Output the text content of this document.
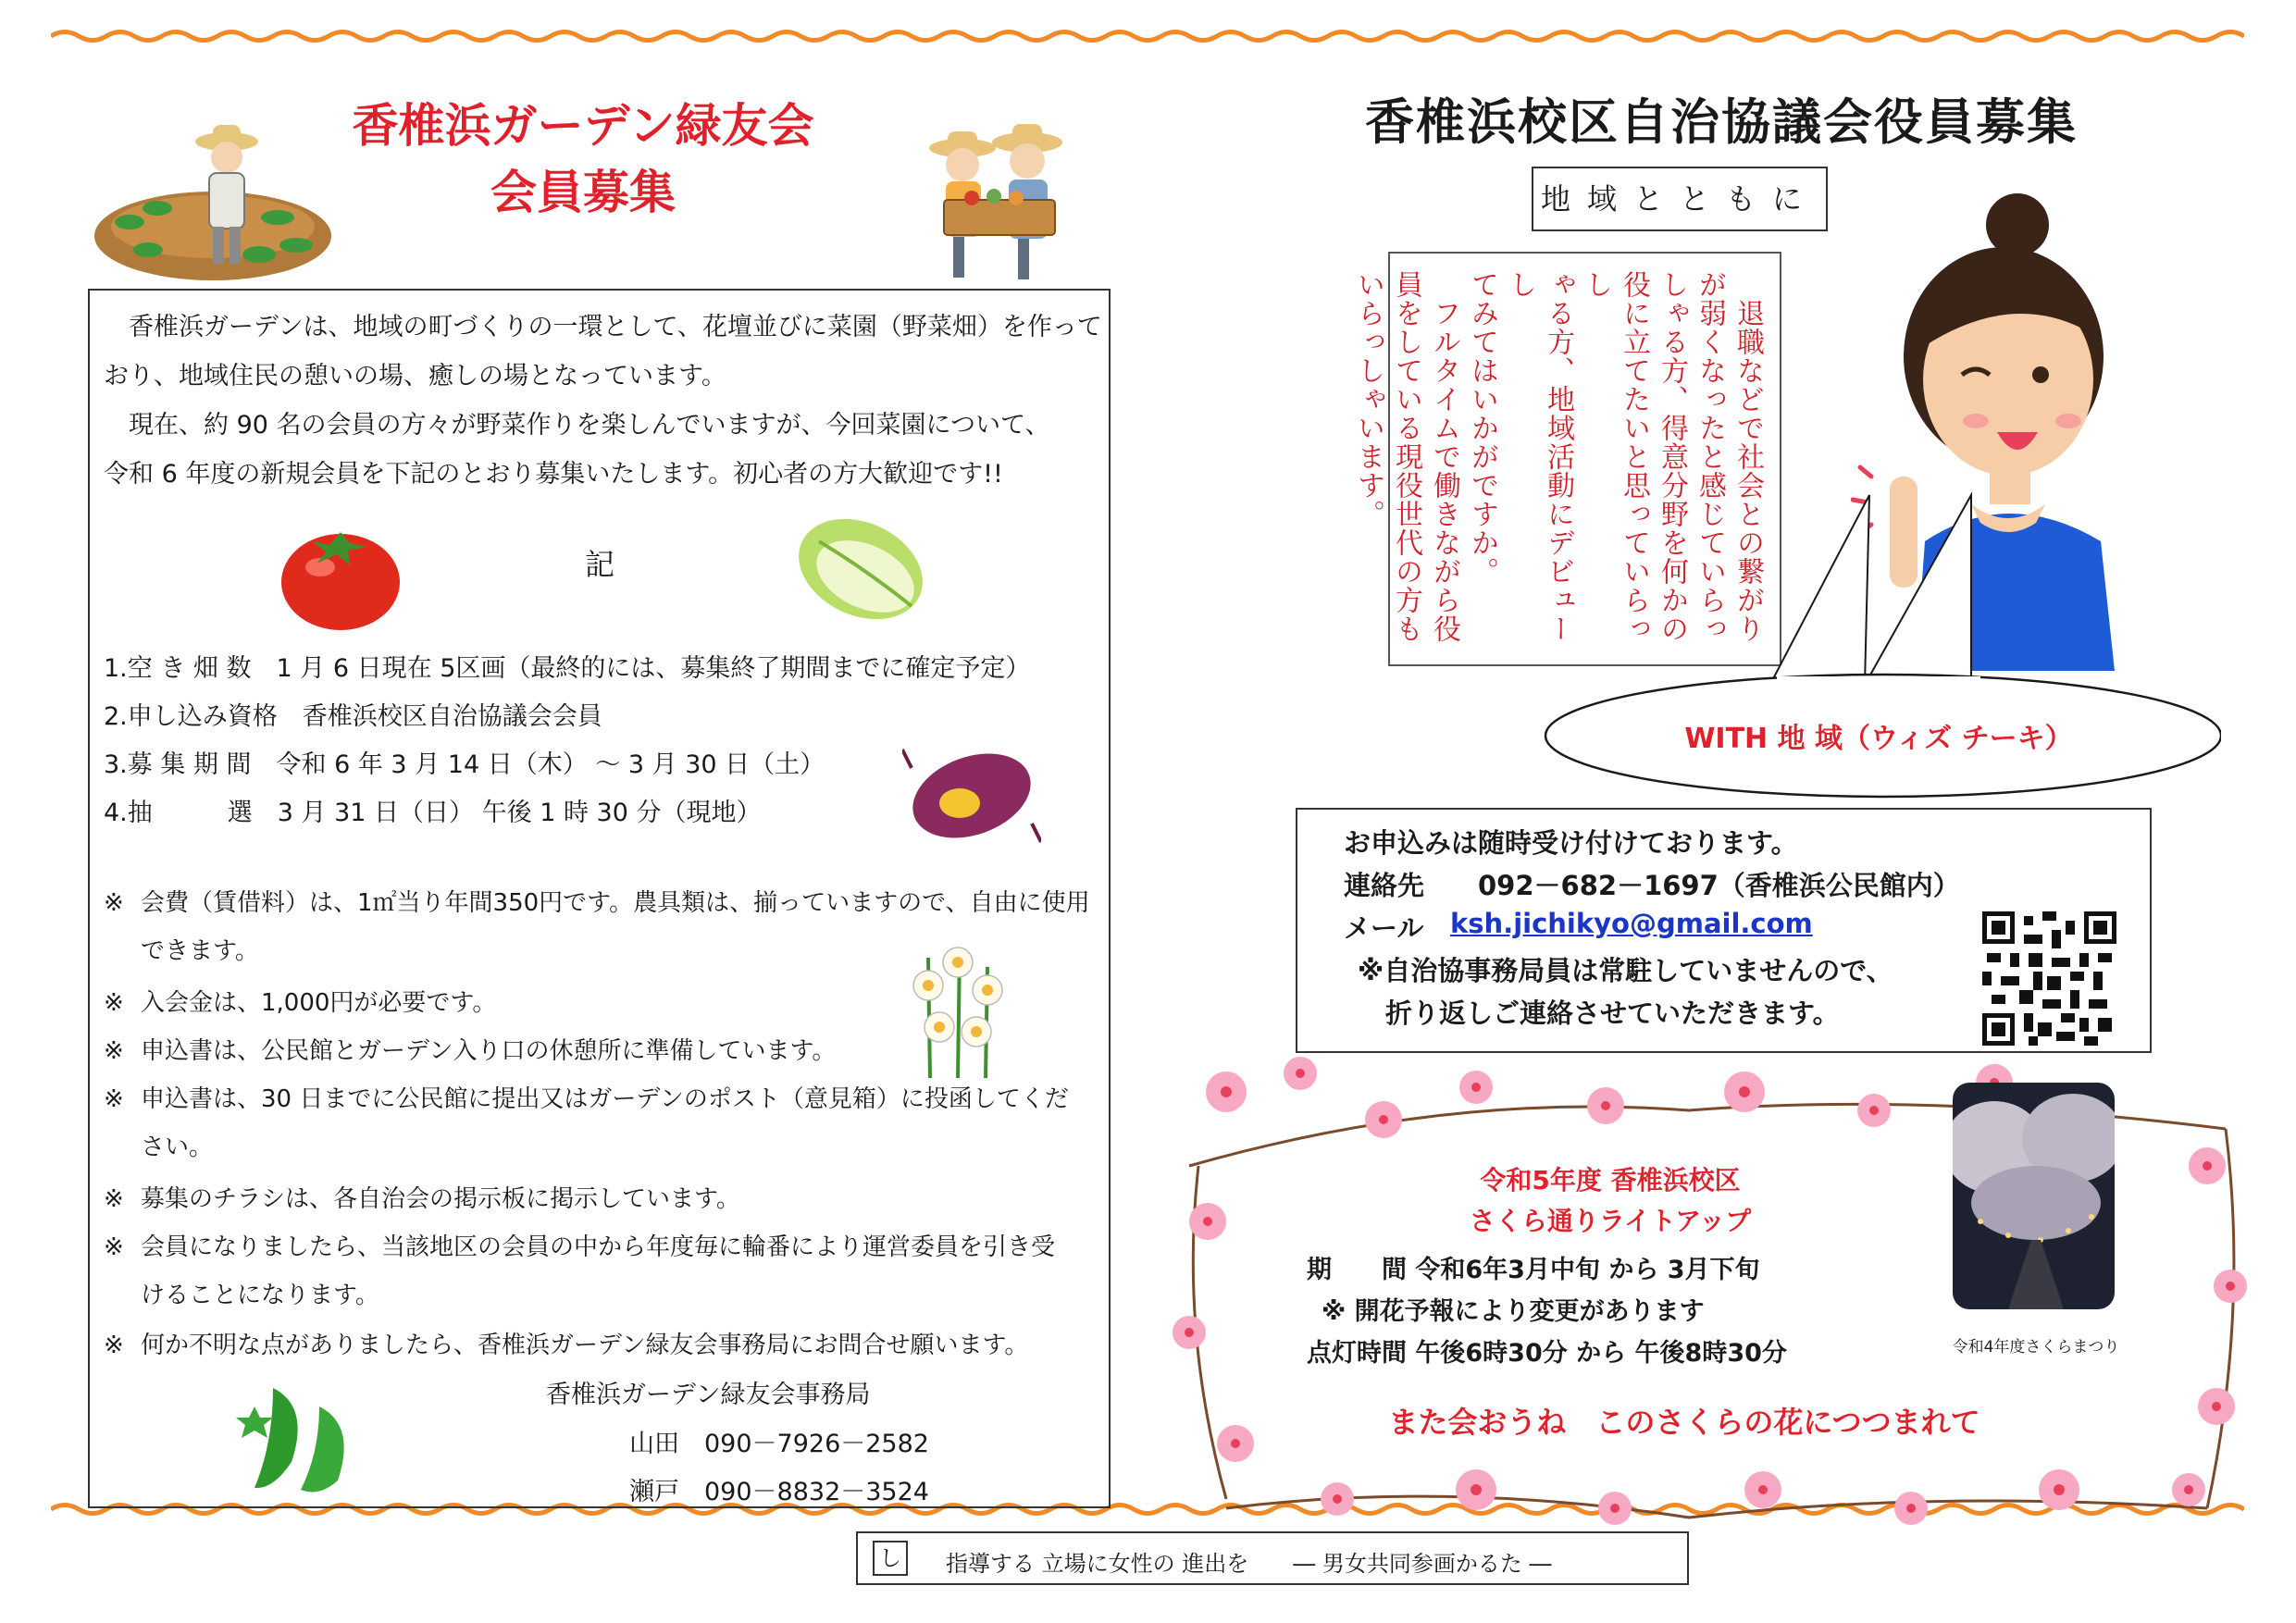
香椎浜ガーデン緑友会
会員募集

　香椎浜ガーデンは、地域の町づくりの一環として、花壇並びに菜園（野菜畑）を作って

おり、地域住民の憩いの場、癒しの場となっています。

　現在、約 90 名の会員の方々が野菜作りを楽しんでいますが、今回菜園について、

令和 6 年度の新規会員を下記のとおり募集いたします。初心者の方大歓迎です!!

記
1.空 き 畑 数　1 月 6 日現在 5区画（最終的には、募集終了期間までに確定予定）
2.申し込み資格　香椎浜校区自治協議会会員
3.募 集 期 間　令和 6 年 3 月 14 日（木） ～ 3 月 30 日（土）
4.抽　　　選　3 月 31 日（日） 午後 1 時 30 分（現地）
※ 会費（賃借料）は、1㎡当り年間350円です。農具類は、揃っていますので、自由に使用
できます。
※ 入会金は、1,000円が必要です。
※ 申込書は、公民館とガーデン入り口の休憩所に準備しています。
※ 申込書は、30 日までに公民館に提出又はガーデンのポスト（意見箱）に投函してくだ
さい。
※ 募集のチラシは、各自治会の掲示板に掲示しています。
※ 会員になりましたら、当該地区の会員の中から年度毎に輪番により運営委員を引き受
けることになります。
※ 何か不明な点がありましたら、香椎浜ガーデン緑友会事務局にお問合せ願います。
香椎浜ガーデン緑友会事務局
山田　090－7926－2582
瀬戸　090－8832－3524
香椎浜校区自治協議会役員募集
地域とともに

　退職などで社会との繋がり

が弱くなったと感じていらっ

しゃる方、得意分野を何かの

役に立てたいと思っていらっし

ゃる方、地域活動にデビューし

てみてはいかがですか。

　フルタイムで働きながら役

員をしている現役世代の方も

いらっしゃいます。

WITH 地 域（ウィズ チーキ）
お申込みは随時受け付けております。
連絡先 092－682－1697（香椎浜公民館内）
メール ksh.jichikyo@gmail.com
※自治協事務局員は常駐していませんので、
折り返しご連絡させていただきます。
令和4年度さくらまつり
令和5年度 香椎浜校区
さくら通りライトアップ
期　　間 令和6年3月中旬 から 3月下旬
※ 開花予報により変更があります
点灯時間 午後6時30分 から 午後8時30分
また会おうね　このさくらの花につつまれて
し 指導する 立場に女性の 進出を　　― 男女共同参画かるた ―
